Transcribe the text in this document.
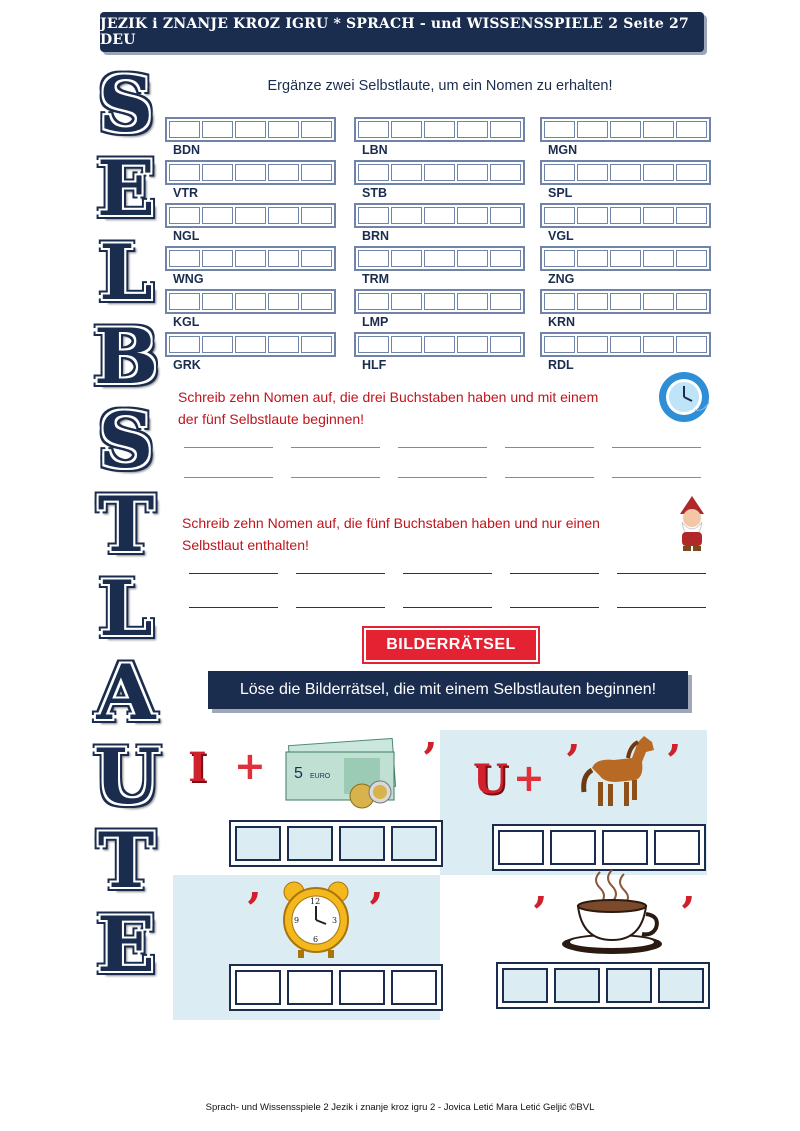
JEZIK i ZNANJE KROZ IGRU * SPRACH - und WISSENSSPIELE 2 Seite 27 DEU
S
E
L
B
S
T
L
A
U
T
E
Ergänze zwei Selbstlaute, um ein Nomen zu erhalten!
BDN	LBN	MGN
VTR	STB	SPL
NGL	BRN	VGL
WNG	TRM	ZNG
KGL	LMP	KRN
GRK	HLF	RDL
Schreib zehn Nomen auf, die drei Buchstaben haben und mit einem
der fünf Selbstlaute beginnen!
Schreib zehn Nomen auf, die fünf Buchstaben haben und nur einen
Selbstlaut enthalten!
BILDERRÄTSEL
Löse die Bilderrätsel, die mit einem Selbstlauten beginnen!
I + 5 EURO ’ U + ’ ’
’	12
3
6
9 ’	’	’
Sprach- und Wissensspiele 2 Jezik i znanje kroz igru 2 - Jovica Letić Mara Letić Geljić ©BVL
